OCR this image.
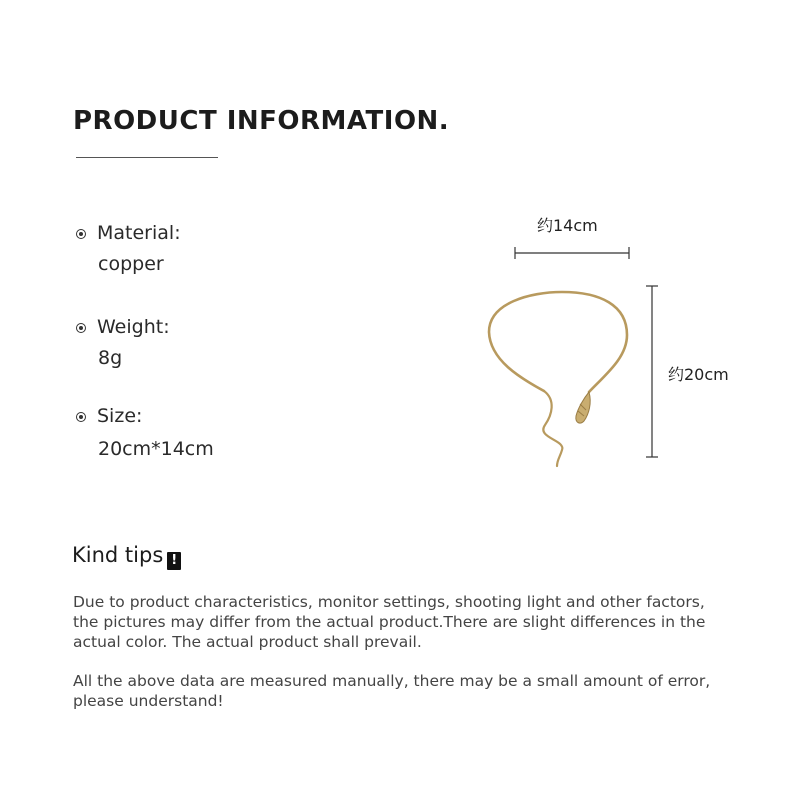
PRODUCT INFORMATION.
Material:
copper
Weight:
8g
Size:
20cm*14cm
约14cm
约20cm
Kind tips !
Due to product characteristics, monitor settings, shooting light and other factors, the pictures may differ from the actual product.There are slight differences in the actual color. The actual product shall prevail.
All the above data are measured manually, there may be a small amount of error, please understand!
